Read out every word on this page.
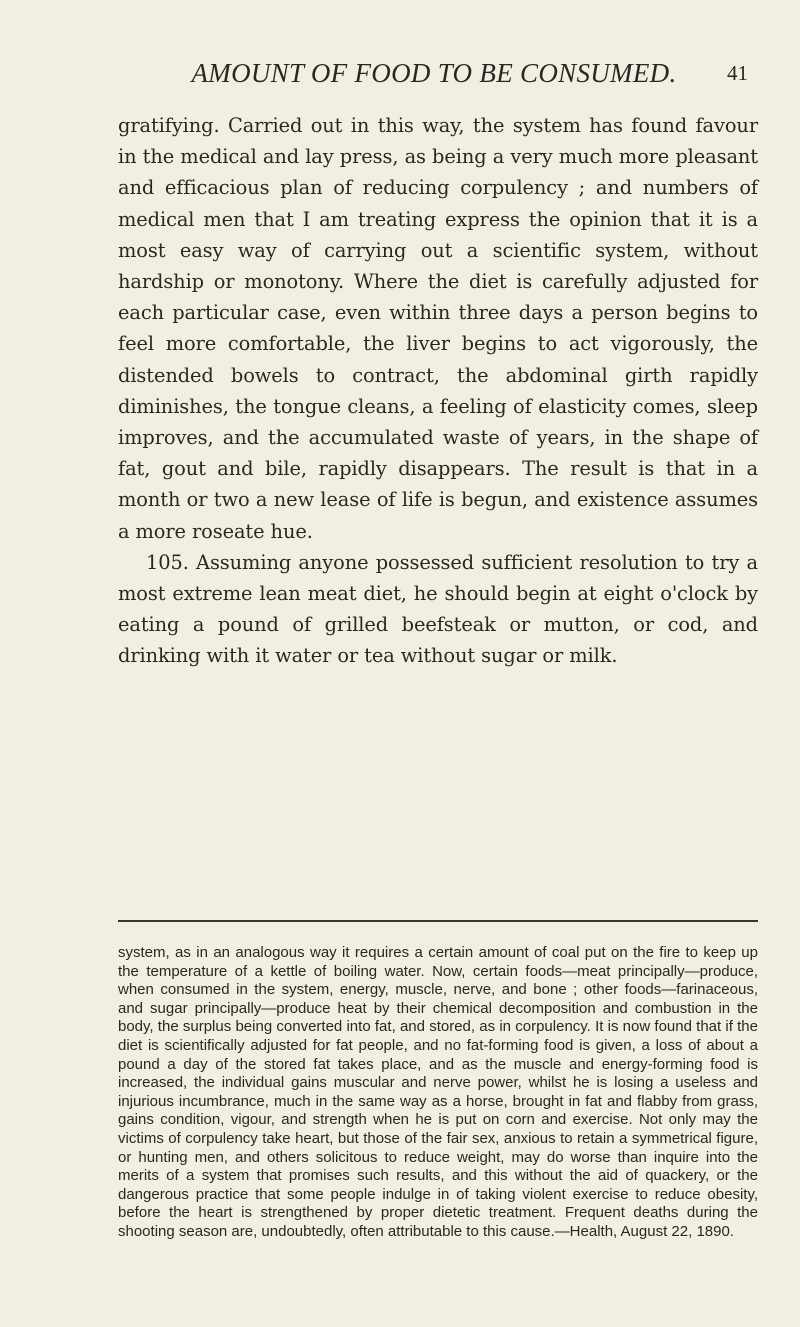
AMOUNT OF FOOD TO BE CONSUMED.	41

gratifying. Carried out in this way, the system has found favour in the medical and lay press, as being a very much more pleasant and efficacious plan of reducing corpulency ; and numbers of medical men that I am treating express the opinion that it is a most easy way of carrying out a scientific system, without hardship or monotony. Where the diet is carefully adjusted for each particular case, even within three days a person begins to feel more comfortable, the liver begins to act vigorously, the distended bowels to contract, the abdominal girth rapidly diminishes, the tongue cleans, a feeling of elasticity comes, sleep improves, and the accumulated waste of years, in the shape of fat, gout and bile, rapidly disappears. The result is that in a month or two a new lease of life is begun, and existence assumes a more roseate hue.

105. Assuming anyone possessed sufficient resolution to try a most extreme lean meat diet, he should begin at eight o'clock by eating a pound of grilled beefsteak or mutton, or cod, and drinking with it water or tea without sugar or milk.

system, as in an analogous way it requires a certain amount of coal put on the fire to keep up the temperature of a kettle of boiling water. Now, certain foods—meat principally—produce, when consumed in the system, energy, muscle, nerve, and bone ; other foods—farinaceous, and sugar principally—produce heat by their chemical decomposition and combustion in the body, the surplus being converted into fat, and stored, as in corpulency. It is now found that if the diet is scientifically adjusted for fat people, and no fat-forming food is given, a loss of about a pound a day of the stored fat takes place, and as the muscle and energy-forming food is increased, the individual gains muscular and nerve power, whilst he is losing a useless and injurious incumbrance, much in the same way as a horse, brought in fat and flabby from grass, gains condition, vigour, and strength when he is put on corn and exercise. Not only may the victims of corpulency take heart, but those of the fair sex, anxious to retain a symmetrical figure, or hunting men, and others solicitous to reduce weight, may do worse than inquire into the merits of a system that promises such results, and this without the aid of quackery, or the dangerous practice that some people indulge in of taking violent exercise to reduce obesity, before the heart is strengthened by proper dietetic treatment. Frequent deaths during the shooting season are, undoubtedly, often attributable to this cause.—Health, August 22, 1890.
